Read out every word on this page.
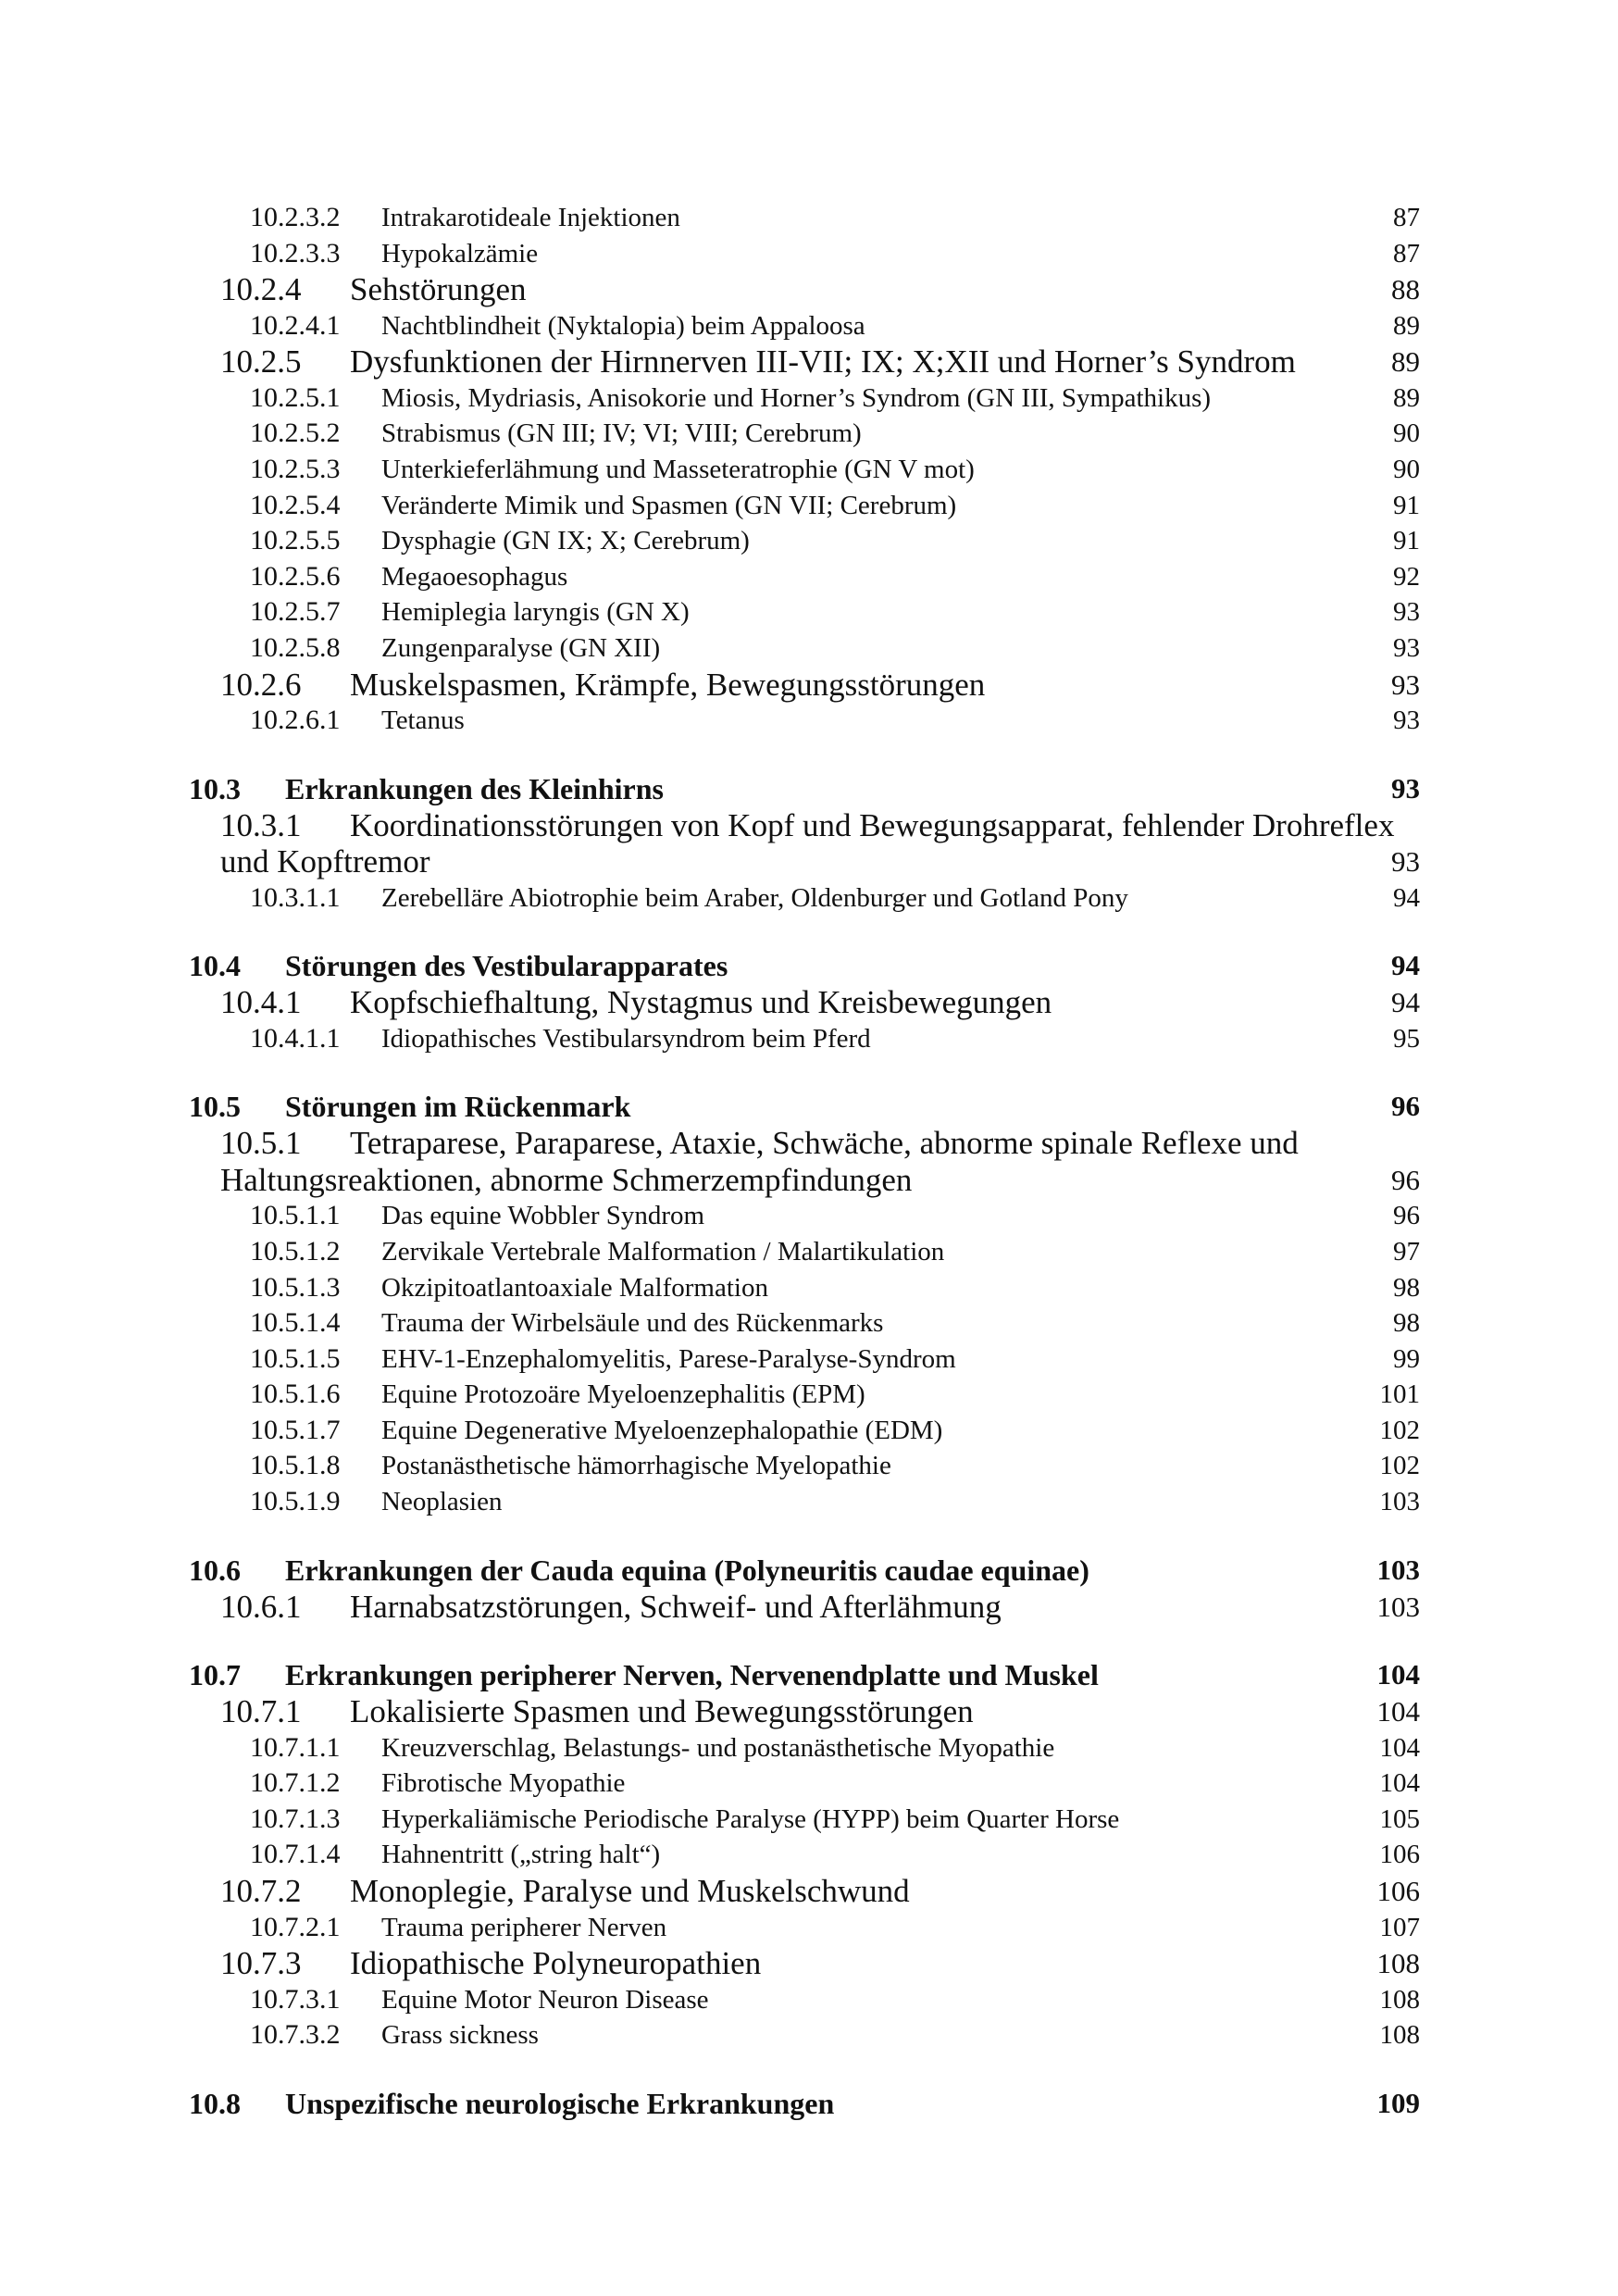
10.2.3.2 Intrakarotideale Injektionen	87
10.2.3.3 Hypokalzämie	87
10.2.4 Sehstörungen	88
10.2.4.1 Nachtblindheit (Nyktalopia) beim Appaloosa	89
10.2.5 Dysfunktionen der Hirnnerven III-VII; IX; X;XII und Horner’s Syndrom	89
10.2.5.1 Miosis, Mydriasis, Anisokorie und Horner’s Syndrom (GN III, Sympathikus)	89
10.2.5.2 Strabismus (GN III; IV; VI; VIII; Cerebrum)	90
10.2.5.3 Unterkieferlähmung und Masseteratrophie (GN V mot)	90
10.2.5.4 Veränderte Mimik und Spasmen (GN VII; Cerebrum)	91
10.2.5.5 Dysphagie (GN IX; X; Cerebrum)	91
10.2.5.6 Megaoesophagus	92
10.2.5.7 Hemiplegia laryngis (GN X)	93
10.2.5.8 Zungenparalyse (GN XII)	93
10.2.6 Muskelspasmen, Krämpfe, Bewegungsstörungen	93
10.2.6.1 Tetanus	93
10.3 Erkrankungen des Kleinhirns	93
10.3.1 Koordinationsstörungen von Kopf und Bewegungsapparat, fehlender Drohreflex
und Kopftremor	93
10.3.1.1 Zerebelläre Abiotrophie beim Araber, Oldenburger und Gotland Pony	94
10.4 Störungen des Vestibularapparates	94
10.4.1 Kopfschiefhaltung, Nystagmus und Kreisbewegungen	94
10.4.1.1 Idiopathisches Vestibularsyndrom beim Pferd	95
10.5 Störungen im Rückenmark	96
10.5.1 Tetraparese, Paraparese, Ataxie, Schwäche, abnorme spinale Reflexe und
Haltungsreaktionen, abnorme Schmerzempfindungen	96
10.5.1.1 Das equine Wobbler Syndrom	96
10.5.1.2 Zervikale Vertebrale Malformation / Malartikulation	97
10.5.1.3 Okzipitoatlantoaxiale Malformation	98
10.5.1.4 Trauma der Wirbelsäule und des Rückenmarks	98
10.5.1.5 EHV-1-Enzephalomyelitis, Parese-Paralyse-Syndrom	99
10.5.1.6 Equine Protozoäre Myeloenzephalitis (EPM)	101
10.5.1.7 Equine Degenerative Myeloenzephalopathie (EDM)	102
10.5.1.8 Postanästhetische hämorrhagische Myelopathie	102
10.5.1.9 Neoplasien	103
10.6 Erkrankungen der Cauda equina (Polyneuritis caudae equinae)	103
10.6.1 Harnabsatzstörungen, Schweif- und Afterlähmung	103
10.7 Erkrankungen peripherer Nerven, Nervenendplatte und Muskel	104
10.7.1 Lokalisierte Spasmen und Bewegungsstörungen	104
10.7.1.1 Kreuzverschlag, Belastungs- und postanästhetische Myopathie	104
10.7.1.2 Fibrotische Myopathie	104
10.7.1.3 Hyperkaliämische Periodische Paralyse (HYPP) beim Quarter Horse	105
10.7.1.4 Hahnentritt („string halt“)	106
10.7.2 Monoplegie, Paralyse und Muskelschwund	106
10.7.2.1 Trauma peripherer Nerven	107
10.7.3 Idiopathische Polyneuropathien	108
10.7.3.1 Equine Motor Neuron Disease	108
10.7.3.2 Grass sickness	108
10.8 Unspezifische neurologische Erkrankungen	109
